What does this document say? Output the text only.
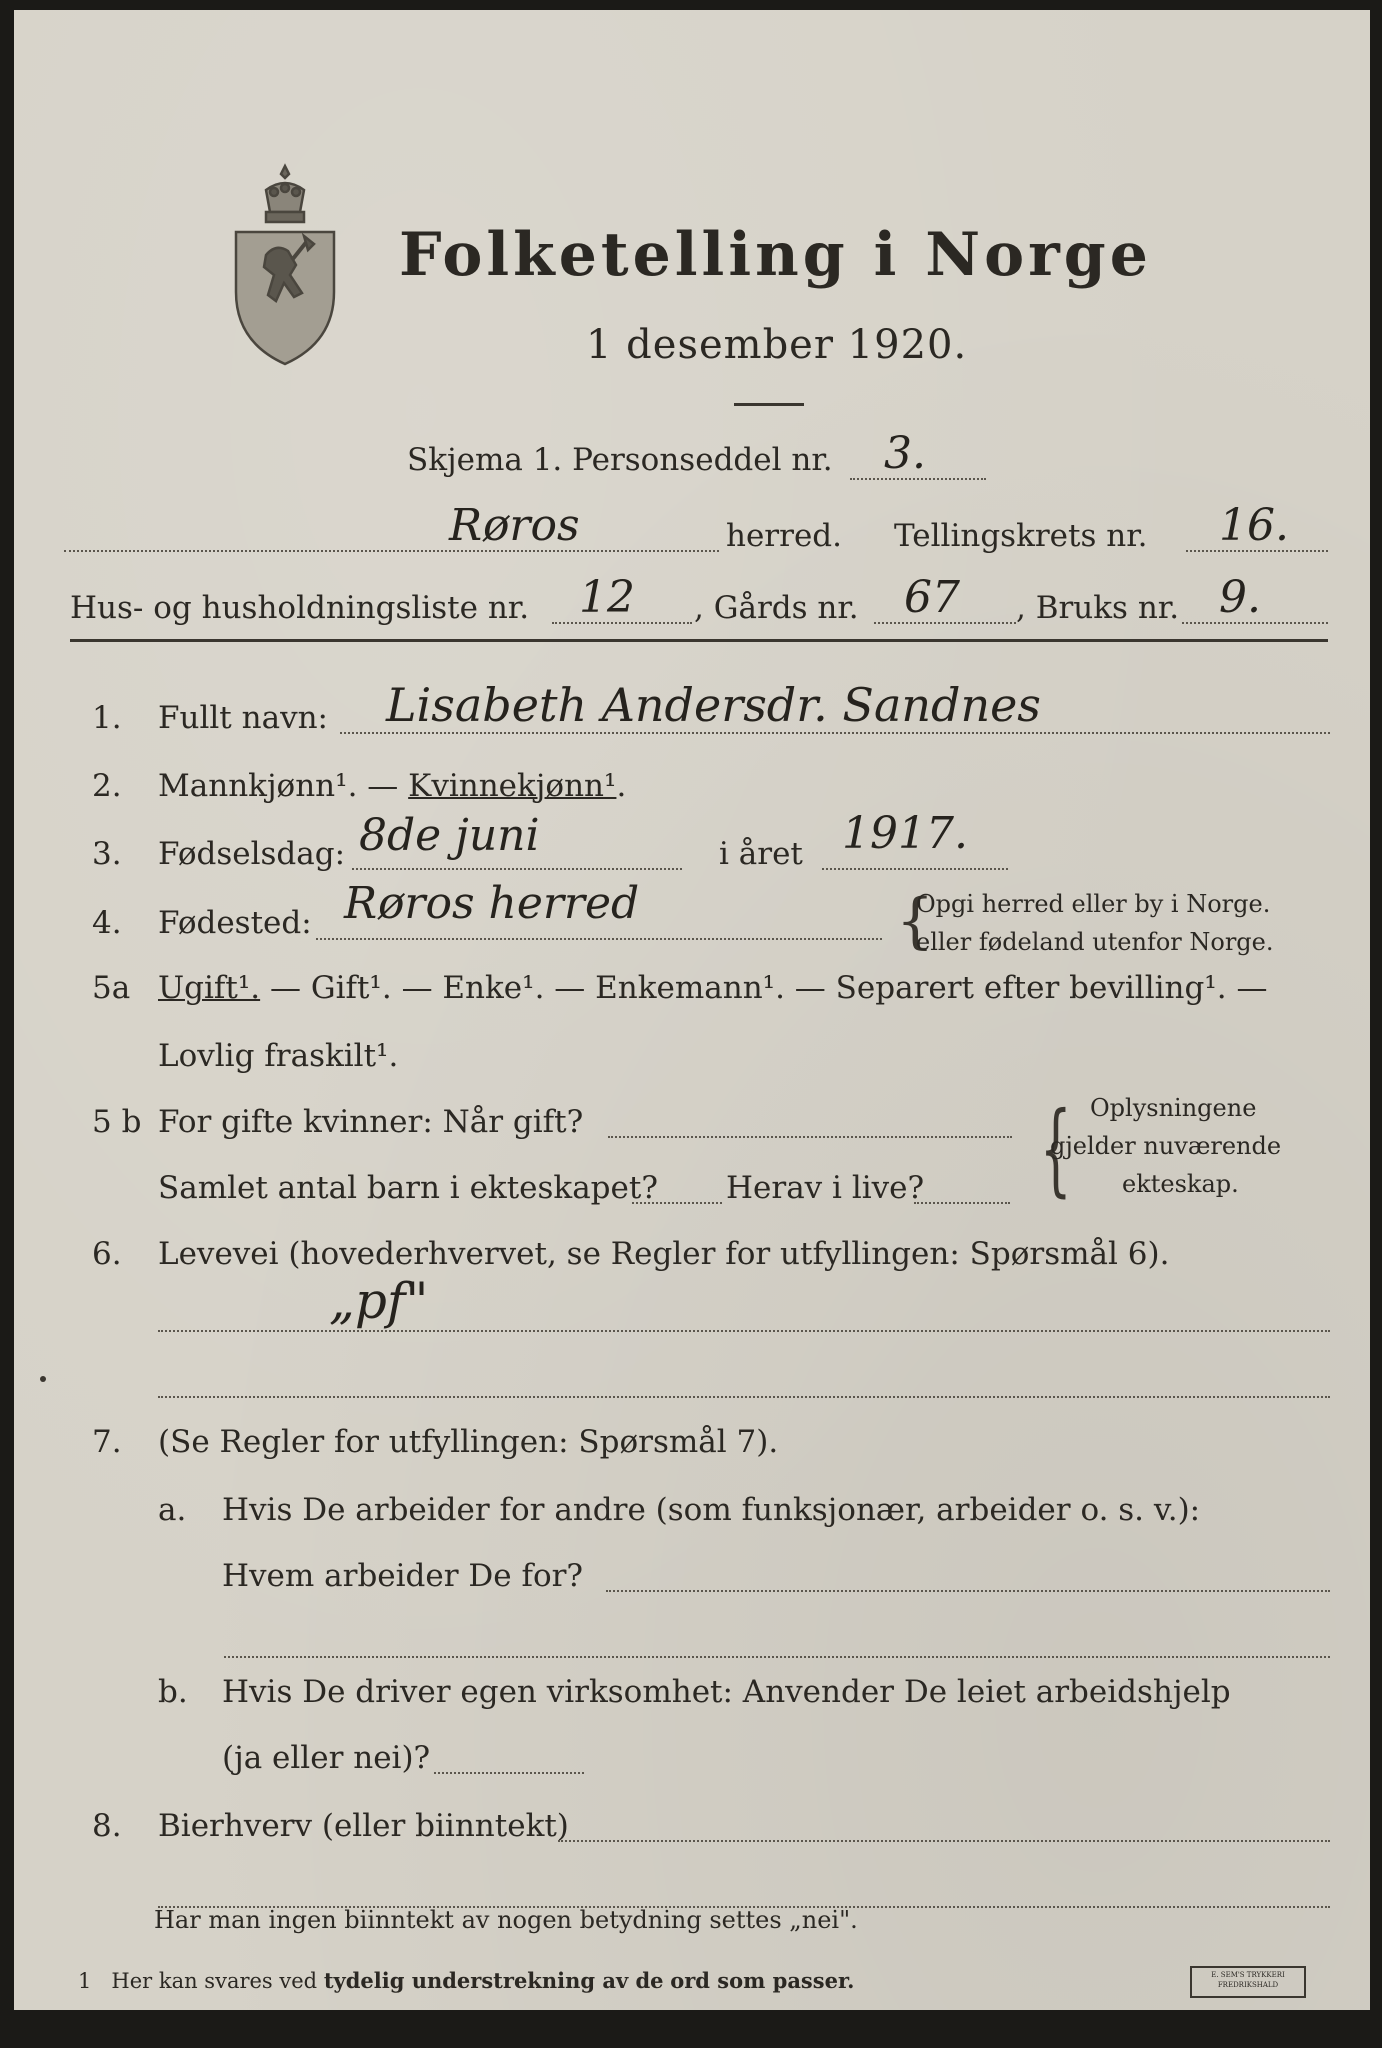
Folketelling i Norge
1 desember 1920.
Skjema 1. Personseddel nr. 3.
Røros	herred. Tellingskrets nr. 16.
Hus- og husholdningsliste nr. 12 , Gårds nr. 67 , Bruks nr. 9.
1. Fullt navn: Lisabeth Andersdr. Sandnes
2. Mannkjønn¹. — Kvinnekjønn¹.
3. Fødselsdag: 8de juni	i året 1917.
4. Fødested: Røros herred	{
Opgi herred eller by i Norge.
eller fødeland utenfor Norge.
5a Ugift¹. — Gift¹. — Enke¹. — Enkemann¹. — Separert efter bevilling¹. —
Lovlig fraskilt¹.
5 b For gifte kvinner: Når gift?
Samlet antal barn i ekteskapet? Herav i live? { Oplysningene
gjelder nuværende
ekteskap.
6. Levevei (hovederhvervet, se Regler for utfyllingen: Spørsmål 6).
„pf"
7. (Se Regler for utfyllingen: Spørsmål 7).
a. Hvis De arbeider for andre (som funksjonær, arbeider o. s. v.):
Hvem arbeider De for?
b. Hvis De driver egen virksomhet: Anvender De leiet arbeidshjelp
(ja eller nei)?
8. Bierhverv (eller biinntekt)
Har man ingen biinntekt av nogen betydning settes „nei".
1 Her kan svares ved tydelig understrekning av de ord som passer.	E. SEM'S TRYKKERI
FREDRIKSHALD
